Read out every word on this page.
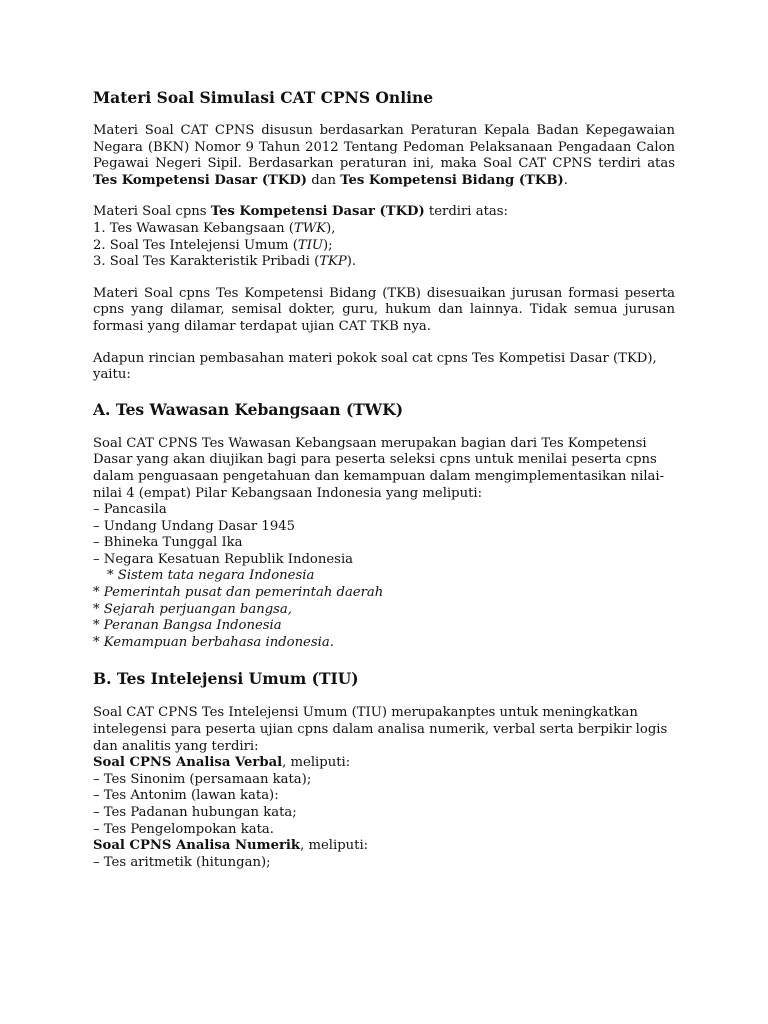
Materi Soal Simulasi CAT CPNS Online

Materi Soal CAT CPNS disusun berdasarkan Peraturan Kepala Badan Kepegawaian Negara (BKN) Nomor 9 Tahun 2012 Tentang Pedoman Pelaksanaan Pengadaan Calon Pegawai Negeri Sipil. Berdasarkan peraturan ini, maka Soal CAT CPNS terdiri atas Tes Kompetensi Dasar (TKD) dan Tes Kompetensi Bidang (TKB).

Materi Soal cpns Tes Kompetensi Dasar (TKD) terdiri atas:

1. Tes Wawasan Kebangsaan (TWK),
2. Soal Tes Intelejensi Umum (TIU);
3. Soal Tes Karakteristik Pribadi (TKP).

Materi Soal cpns Tes Kompetensi Bidang (TKB) disesuaikan jurusan formasi peserta cpns yang dilamar, semisal dokter, guru, hukum dan lainnya. Tidak semua jurusan formasi yang dilamar terdapat ujian CAT TKB nya.

Adapun rincian pembasahan materi pokok soal cat cpns Tes Kompetisi Dasar (TKD), yaitu:

A. Tes Wawasan Kebangsaan (TWK)

Soal CAT CPNS Tes Wawasan Kebangsaan merupakan bagian dari Tes Kompetensi Dasar yang akan diujikan bagi para peserta seleksi cpns untuk menilai peserta cpns dalam penguasaan pengetahuan dan kemampuan dalam mengimplementasikan nilai-nilai 4 (empat) Pilar Kebangsaan Indonesia yang meliputi:

– Pancasila
– Undang Undang Dasar 1945
– Bhineka Tunggal Ika
– Negara Kesatuan Republik Indonesia
* Sistem tata negara Indonesia
* Pemerintah pusat dan pemerintah daerah
* Sejarah perjuangan bangsa,
* Peranan Bangsa Indonesia
* Kemampuan berbahasa indonesia.
B. Tes Intelejensi Umum (TIU)

Soal CAT CPNS Tes Intelejensi Umum (TIU) merupakanptes untuk meningkatkan intelegensi para peserta ujian cpns dalam analisa numerik, verbal serta berpikir logis dan analitis yang terdiri:

Soal CPNS Analisa Verbal, meliputi:

– Tes Sinonim (persamaan kata);
– Tes Antonim (lawan kata):
– Tes Padanan hubungan kata;
– Tes Pengelompokan kata.

Soal CPNS Analisa Numerik, meliputi:

– Tes aritmetik (hitungan);
